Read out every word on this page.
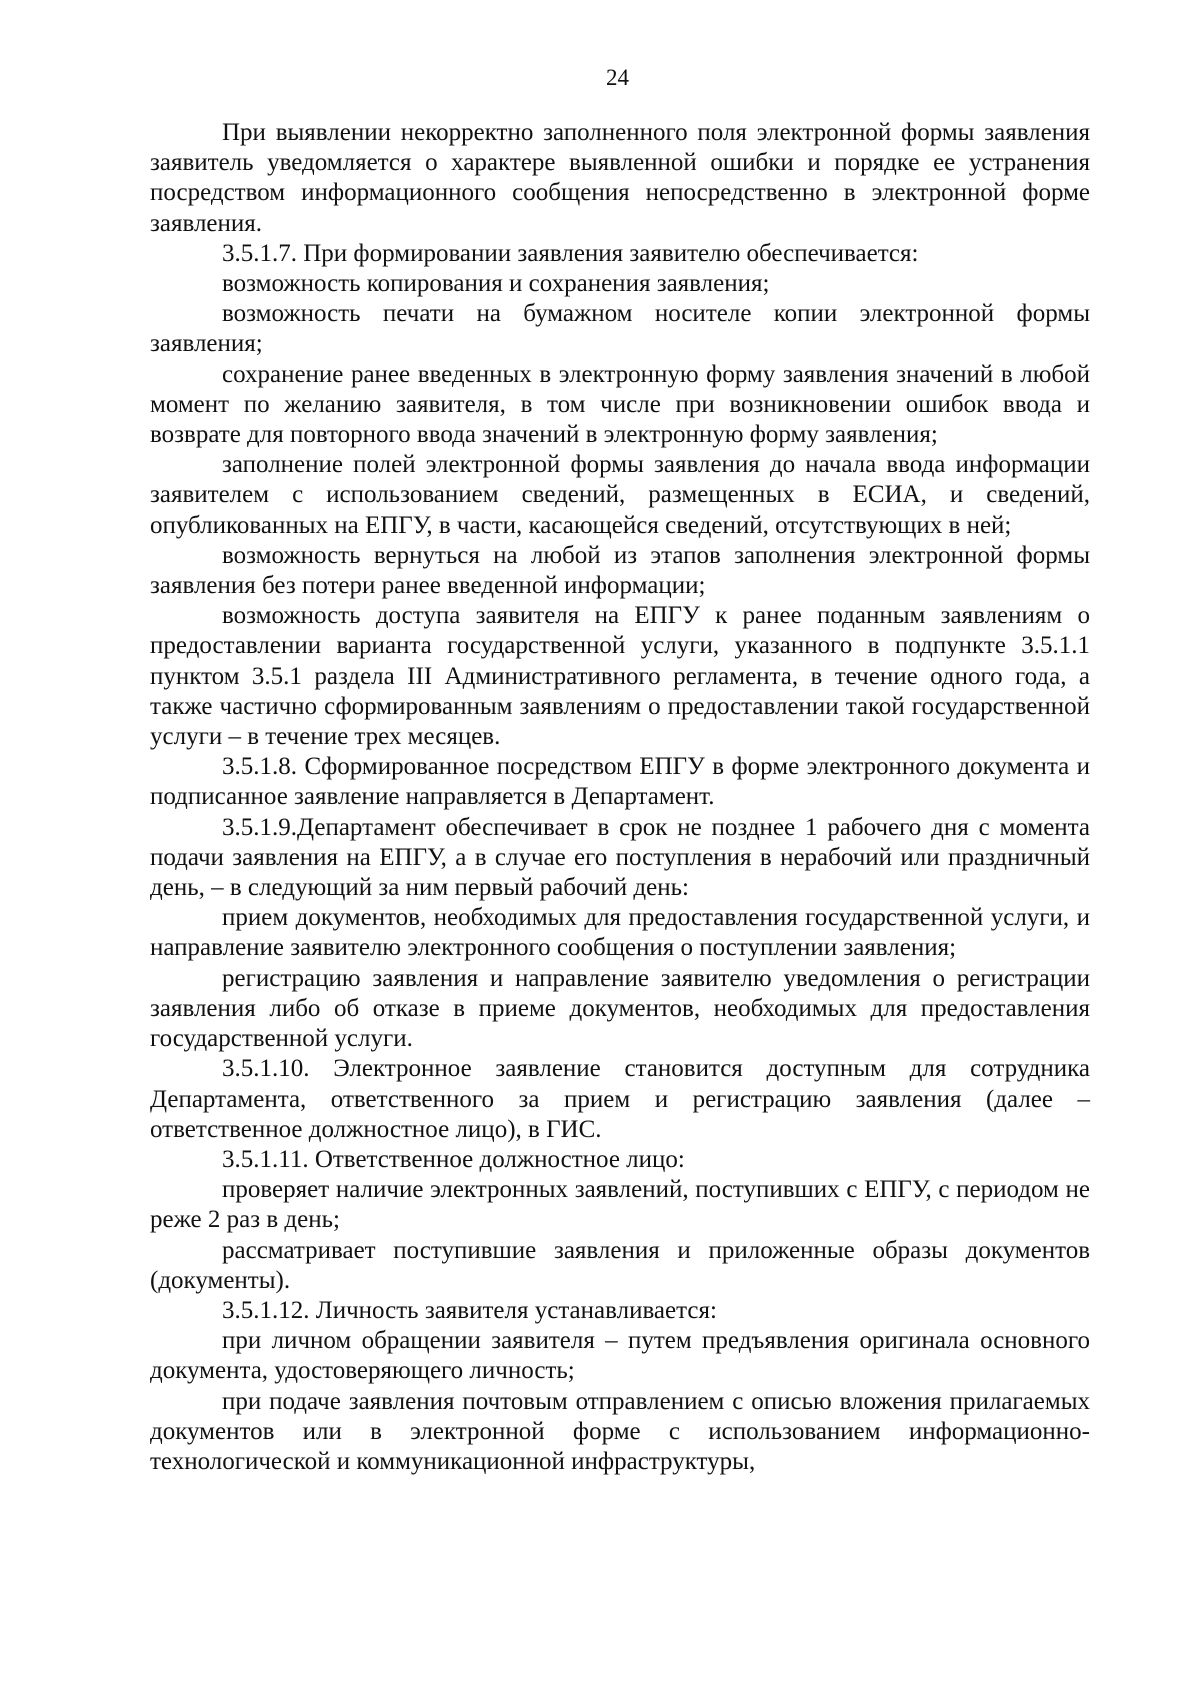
24

При выявлении некорректно заполненного поля электронной формы заявления заявитель уведомляется о характере выявленной ошибки и порядке ее устранения посредством информационного сообщения непосредственно в электронной форме заявления.

3.5.1.7. При формировании заявления заявителю обеспечивается:

возможность копирования и сохранения заявления;

возможность печати на бумажном носителе копии электронной формы заявления;

сохранение ранее введенных в электронную форму заявления значений в любой момент по желанию заявителя, в том числе при возникновении ошибок ввода и возврате для повторного ввода значений в электронную форму заявления;

заполнение полей электронной формы заявления до начала ввода информации заявителем с использованием сведений, размещенных в ЕСИА, и сведений, опубликованных на ЕПГУ, в части, касающейся сведений, отсутствующих в ней;

возможность вернуться на любой из этапов заполнения электронной формы заявления без потери ранее введенной информации;

возможность доступа заявителя на ЕПГУ к ранее поданным заявлениям о предоставлении варианта государственной услуги, указанного в подпункте 3.5.1.1 пунктом 3.5.1 раздела III Административного регламента, в течение одного года, а также частично сформированным заявлениям о предоставлении такой государственной услуги – в течение трех месяцев.

3.5.1.8. Сформированное посредством ЕПГУ в форме электронного документа и подписанное заявление направляется в Департамент.

3.5.1.9.Департамент обеспечивает в срок не позднее 1 рабочего дня с момента подачи заявления на ЕПГУ, а в случае его поступления в нерабочий или праздничный день, – в следующий за ним первый рабочий день:

прием документов, необходимых для предоставления государственной услуги, и направление заявителю электронного сообщения о поступлении заявления;

регистрацию заявления и направление заявителю уведомления о регистрации заявления либо об отказе в приеме документов, необходимых для предоставления государственной услуги.

3.5.1.10. Электронное заявление становится доступным для сотрудника Департамента, ответственного за прием и регистрацию заявления (далее – ответственное должностное лицо), в ГИС.

3.5.1.11. Ответственное должностное лицо:

проверяет наличие электронных заявлений, поступивших с ЕПГУ, с периодом не реже 2 раз в день;

рассматривает поступившие заявления и приложенные образы документов (документы).

3.5.1.12. Личность заявителя устанавливается:

при личном обращении заявителя – путем предъявления оригинала основного документа, удостоверяющего личность;

при подаче заявления почтовым отправлением с описью вложения прилагаемых документов или в электронной форме с использованием информационно-технологической и коммуникационной инфраструктуры,
